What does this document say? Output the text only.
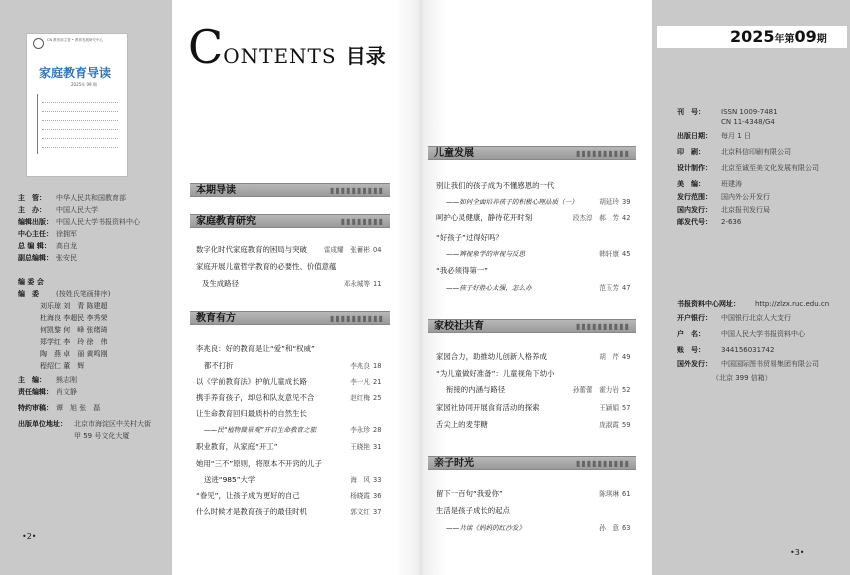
CN 教育部主管 • 教育发展研究中心
家庭教育导读
2025年 09 期
主　管： 中华人民共和国教育部
主　办： 中国人民大学
编辑出版： 中国人民大学书报资料中心
中心主任： 徐拥军
总 编 辑： 高自龙
副总编辑： 张安民
编 委 会
编　委 (按姓氏笔画排序)
刘乐琼 刘　青 陈建超
杜海良 李超民 李秀荣
何凯黎 何　峰 张绪琦
郑学红 李　玲 徐　伟
陶　燕 卓　丽 黄鸣刚
程绍仁 董　辉
主　编： 熊志刚
责任编辑： 肖文静
特约审稿： 谭　旭 张　磊
出版单位地址： 北京市海淀区中关村大街
甲 59 号文化大厦
•2•
CONTENTS 目录
本期导读	▮▮▮▮▮▮▮▮▮▮
家庭教育研究	▮▮▮▮▮▮▮▮
数字化时代家庭教育的困局与突破	雷成耀　张蓄彬 04
家庭开展儿童哲学教育的必要性、价值意蕴
及生成路径	邓永城等 11
教育有方	▮▮▮▮▮▮▮▮▮▮
李兆良：好的教育是让“爱”和“权威”
都不打折	李兆良 18
以《学前教育法》护航儿童成长路	李一凡 21
携手养育孩子，却总和队友意见不合	赵红梅 25
让生命教育回归最质朴的自然生长
——民“植物微景观”开启生命教育之旅	李永珍 28
职业教育，从家庭“开工”	王晓艳 31
她用“三不”原则，将原本不开窍的儿子
送进“985”大学	海　风 33
“眷见”，让孩子成为更好的自己	杨晓霞 36
什么时候才是教育孩子的最佳时机	郭文红 37
儿童发展	▮▮▮▮▮▮▮▮▮▮
别让我们的孩子成为不懂感恩的一代
——如何全面培养孩子的积极心理品质（一）	胡延玲 39
呵护心灵健康，静待花开时刻	段杰淳　郝　芳 42
“好孩子”过得好吗？
——辨视象学的审视与反思	韩轩康 45
“我必须得第一”
——孩子好胜心太强，怎么办	范玉芳 47
家校社共育	▮▮▮▮▮▮▮▮▮▮
家园合力，助推幼儿创新人格养成	胡　芹 49
“为儿童做好准备”：儿童视角下幼小
衔接的内涵与路径	孙蕾蕾　霍力岩 52
家园社协同开展食育活动的探索	王颖娟 57
舌尖上的麦芽糖	庞淑霞 59
亲子时光	▮▮▮▮▮▮▮▮▮▮
留下一百句“我爱你”	陈琪琳 61
生活是孩子成长的起点
——共读《妈妈的红沙发》	孙　意 63
2025年第09期
刊　号： ISSN 1009-7481
CN 11-4348/G4
出版日期： 每月 1 日
印　刷： 北京科信印刷有限公司
设计制作： 北京至诚至美文化发展有限公司
美　编： 班建涛
发行范围： 国内外公开发行
国内发行： 北京报刊发行局
邮发代号： 2-636
书报资料中心网址： http://zlzx.ruc.edu.cn
开户银行： 中国银行北京人大支行
户　名： 中国人民大学书报资料中心
账　号： 344156031742
国外发行： 中国国际图书贸易集团有限公司
（北京 399 信箱）
•3•
